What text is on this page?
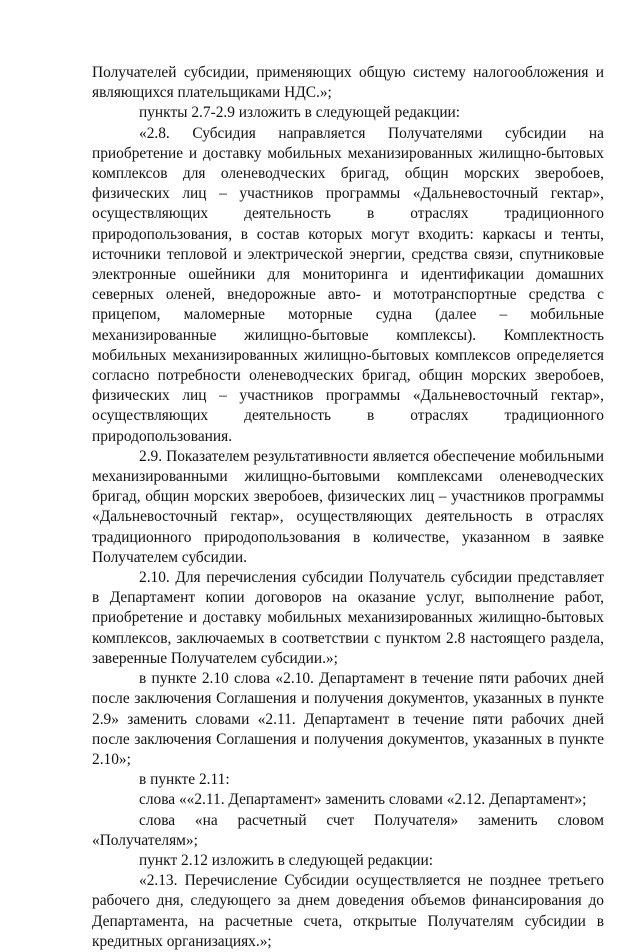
Получателей субсидии, применяющих общую систему налогообложения и являющихся плательщиками НДС.»;

пункты 2.7-2.9 изложить в следующей редакции:

«2.8. Субсидия направляется Получателями субсидии на приобретение и доставку мобильных механизированных жилищно-бытовых комплексов для оленеводческих бригад, общин морских зверобоев, физических лиц – участников программы «Дальневосточный гектар», осуществляющих деятельность в отраслях традиционного природопользования, в состав которых могут входить: каркасы и тенты, источники тепловой и электрической энергии, средства связи, спутниковые электронные ошейники для мониторинга и идентификации домашних северных оленей, внедорожные авто- и мототранспортные средства с прицепом, маломерные моторные судна (далее – мобильные механизированные жилищно-бытовые комплексы). Комплектность мобильных механизированных жилищно-бытовых комплексов определяется согласно потребности оленеводческих бригад, общин морских зверобоев, физических лиц – участников программы «Дальневосточный гектар», осуществляющих деятельность в отраслях традиционного природопользования.

2.9. Показателем результативности является обеспечение мобильными механизированными жилищно-бытовыми комплексами оленеводческих бригад, общин морских зверобоев, физических лиц – участников программы «Дальневосточный гектар», осуществляющих деятельность в отраслях традиционного природопользования в количестве, указанном в заявке Получателем субсидии.

2.10. Для перечисления субсидии Получатель субсидии представляет в Департамент копии договоров на оказание услуг, выполнение работ, приобретение и доставку мобильных механизированных жилищно-бытовых комплексов, заключаемых в соответствии с пунктом 2.8 настоящего раздела, заверенные Получателем субсидии.»;

в пункте 2.10 слова «2.10. Департамент в течение пяти рабочих дней после заключения Соглашения и получения документов, указанных в пункте 2.9» заменить словами «2.11. Департамент в течение пяти рабочих дней после заключения Соглашения и получения документов, указанных в пункте 2.10»;

в пункте 2.11:

слова ««2.11. Департамент» заменить словами «2.12. Департамент»;

слова «на расчетный счет Получателя» заменить словом «Получателям»;

пункт 2.12 изложить в следующей редакции:

«2.13. Перечисление Субсидии осуществляется не позднее третьего рабочего дня, следующего за днем доведения объемов финансирования до Департамента, на расчетные счета, открытые Получателям субсидии в кредитных организациях.»;
